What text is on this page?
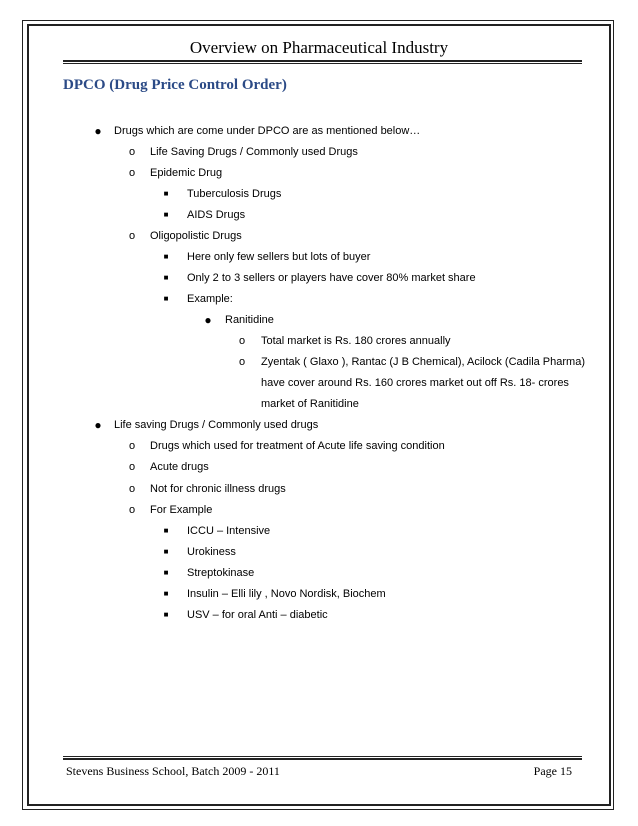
Overview on Pharmaceutical Industry
DPCO (Drug Price Control Order)
● Drugs which are come under DPCO are as mentioned below…
o Life Saving Drugs / Commonly used Drugs
o Epidemic Drug
■ Tuberculosis Drugs
■ AIDS Drugs
o Oligopolistic Drugs
■ Here only few sellers but lots of buyer
■ Only 2 to 3 sellers or players have cover 80% market share
■ Example:
● Ranitidine
o Total market is Rs. 180 crores annually
o Zyentak ( Glaxo ), Rantac (J B Chemical), Acilock (Cadila Pharma)
have cover around Rs. 160 crores market out off Rs. 18- crores
market of Ranitidine
● Life saving Drugs / Commonly used drugs
o Drugs which used for treatment of Acute life saving condition
o Acute drugs
o Not for chronic illness drugs
o For Example
■ ICCU – Intensive
■ Urokiness
■ Streptokinase
■ Insulin – Elli lily , Novo Nordisk, Biochem
■ USV – for oral Anti – diabetic
Stevens Business School, Batch 2009 - 2011	Page 15
